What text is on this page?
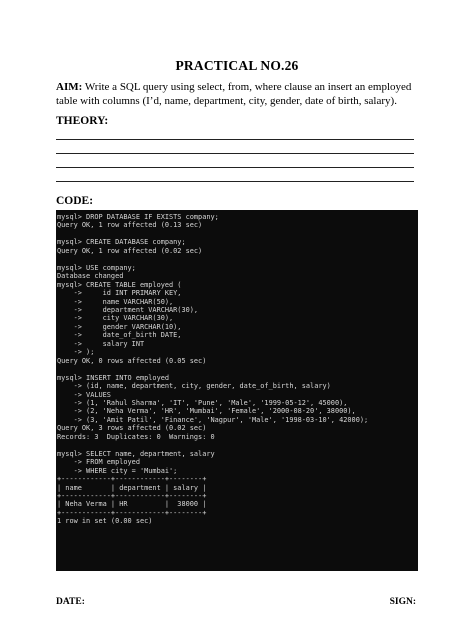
PRACTICAL NO.26
AIM: Write a SQL query using select, from, where clause an insert an employed table with columns (I’d, name, department, city, gender, date of birth, salary).
THEORY:
CODE:
mysql> DROP DATABASE IF EXISTS company;
Query OK, 1 row affected (0.13 sec)

mysql> CREATE DATABASE company;
Query OK, 1 row affected (0.02 sec)

mysql> USE company;
Database changed
mysql> CREATE TABLE employed (
->     id INT PRIMARY KEY,
->     name VARCHAR(50),
->     department VARCHAR(30),
->     city VARCHAR(30),
->     gender VARCHAR(10),
->     date_of_birth DATE,
->     salary INT
-> );
Query OK, 0 rows affected (0.05 sec)

mysql> INSERT INTO employed
-> (id, name, department, city, gender, date_of_birth, salary)
-> VALUES
-> (1, 'Rahul Sharma', 'IT', 'Pune', 'Male', '1999-05-12', 45000),
-> (2, 'Neha Verma', 'HR', 'Mumbai', 'Female', '2000-08-20', 38000),
-> (3, 'Amit Patil', 'Finance', 'Nagpur', 'Male', '1998-03-10', 42000);
Query OK, 3 rows affected (0.02 sec)
Records: 3  Duplicates: 0  Warnings: 0

mysql> SELECT name, department, salary
-> FROM employed
-> WHERE city = 'Mumbai';
+------------+------------+--------+
| name       | department | salary |
+------------+------------+--------+
| Neha Verma | HR         |  38000 |
+------------+------------+--------+
1 row in set (0.00 sec)

DATE:	SIGN:
